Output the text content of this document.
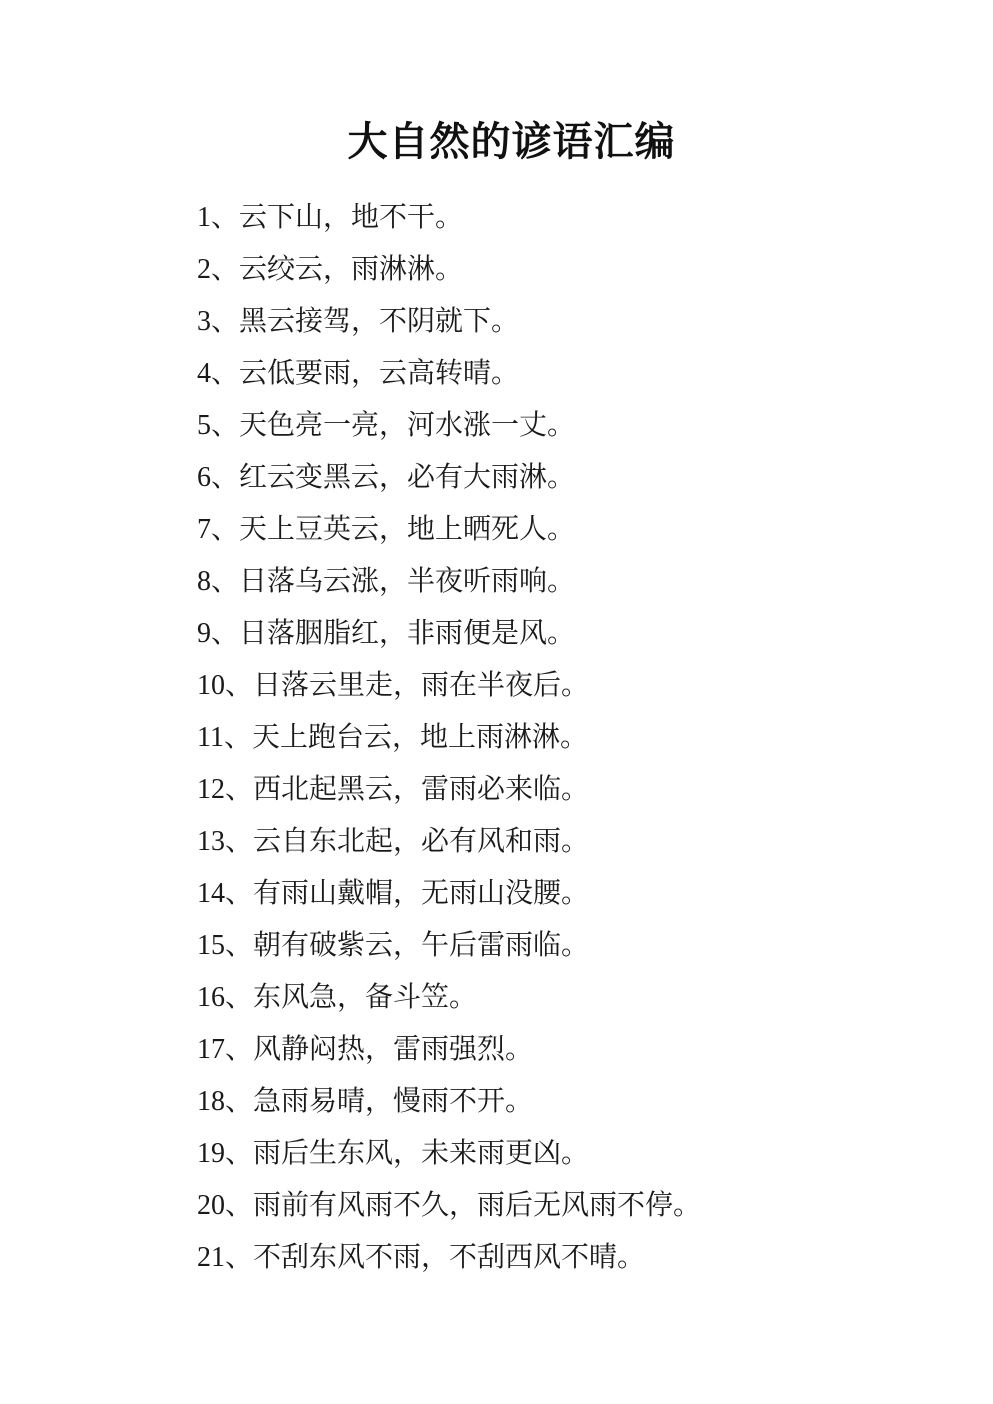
大自然的谚语汇编
1、云下山，地不干。
2、云绞云，雨淋淋。
3、黑云接驾，不阴就下。
4、云低要雨，云高转晴。
5、天色亮一亮，河水涨一丈。
6、红云变黑云，必有大雨淋。
7、天上豆英云，地上晒死人。
8、日落乌云涨，半夜听雨响。
9、日落胭脂红，非雨便是风。
10、日落云里走，雨在半夜后。
11、天上跑台云，地上雨淋淋。
12、西北起黑云，雷雨必来临。
13、云自东北起，必有风和雨。
14、有雨山戴帽，无雨山没腰。
15、朝有破紫云，午后雷雨临。
16、东风急，备斗笠。
17、风静闷热，雷雨强烈。
18、急雨易晴，慢雨不开。
19、雨后生东风，未来雨更凶。
20、雨前有风雨不久，雨后无风雨不停。
21、不刮东风不雨，不刮西风不晴。
